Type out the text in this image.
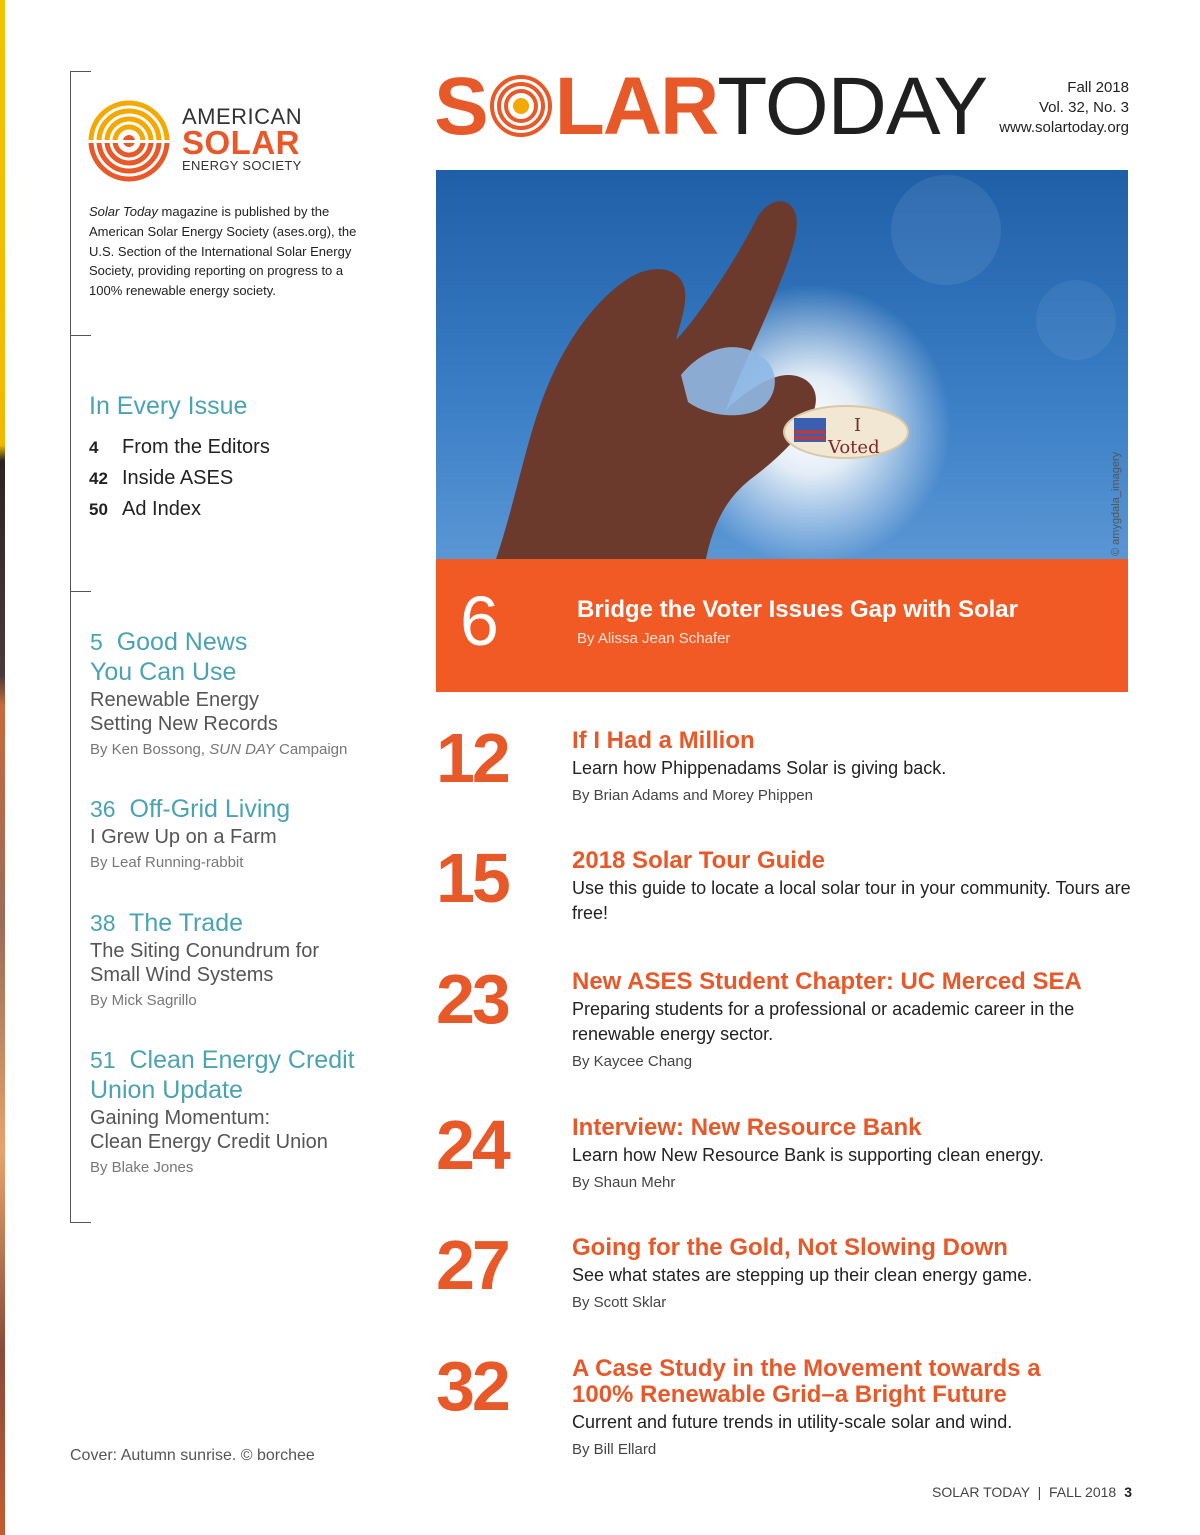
AMERICAN
SOLAR
ENERGY SOCIETY
Solar Today magazine is published by the American Solar Energy Society (ases.org), the U.S. Section of the International Solar Energy Society, providing reporting on progress to a 100% renewable energy society.
In Every Issue
4	From the Editors
42 Inside ASES
50 Ad Index
5 Good News
You Can Use
Renewable Energy
Setting New Records
By Ken Bossong, SUN DAY Campaign
36 Off-Grid Living
I Grew Up on a Farm
By Leaf Running-rabbit
38 The Trade
The Siting Conundrum for
Small Wind Systems
By Mick Sagrillo
51 Clean Energy Credit
Union Update
Gaining Momentum:
Clean Energy Credit Union
By Blake Jones
Cover: Autumn sunrise. © borchee
S LARTODAY	Fall 2018
Vol. 32, No. 3
www.solartoday.org
I
Voted
© amygdala_imagery
6	Bridge the Voter Issues Gap with Solar
By Alissa Jean Schafer
12	If I Had a Million
Learn how Phippenadams Solar is giving back.
By Brian Adams and Morey Phippen
15	2018 Solar Tour Guide
Use this guide to locate a local solar tour in your community. Tours are free!
23	New ASES Student Chapter: UC Merced SEA
Preparing students for a professional or academic career in the renewable energy sector.
By Kaycee Chang
24	Interview: New Resource Bank
Learn how New Resource Bank is supporting clean energy.
By Shaun Mehr
27	Going for the Gold, Not Slowing Down
See what states are stepping up their clean energy game.
By Scott Sklar
32	A Case Study in the Movement towards a 100% Renewable Grid–a Bright Future
Current and future trends in utility-scale solar and wind.
By Bill Ellard
SOLAR TODAY  |  FALL 2018 3
